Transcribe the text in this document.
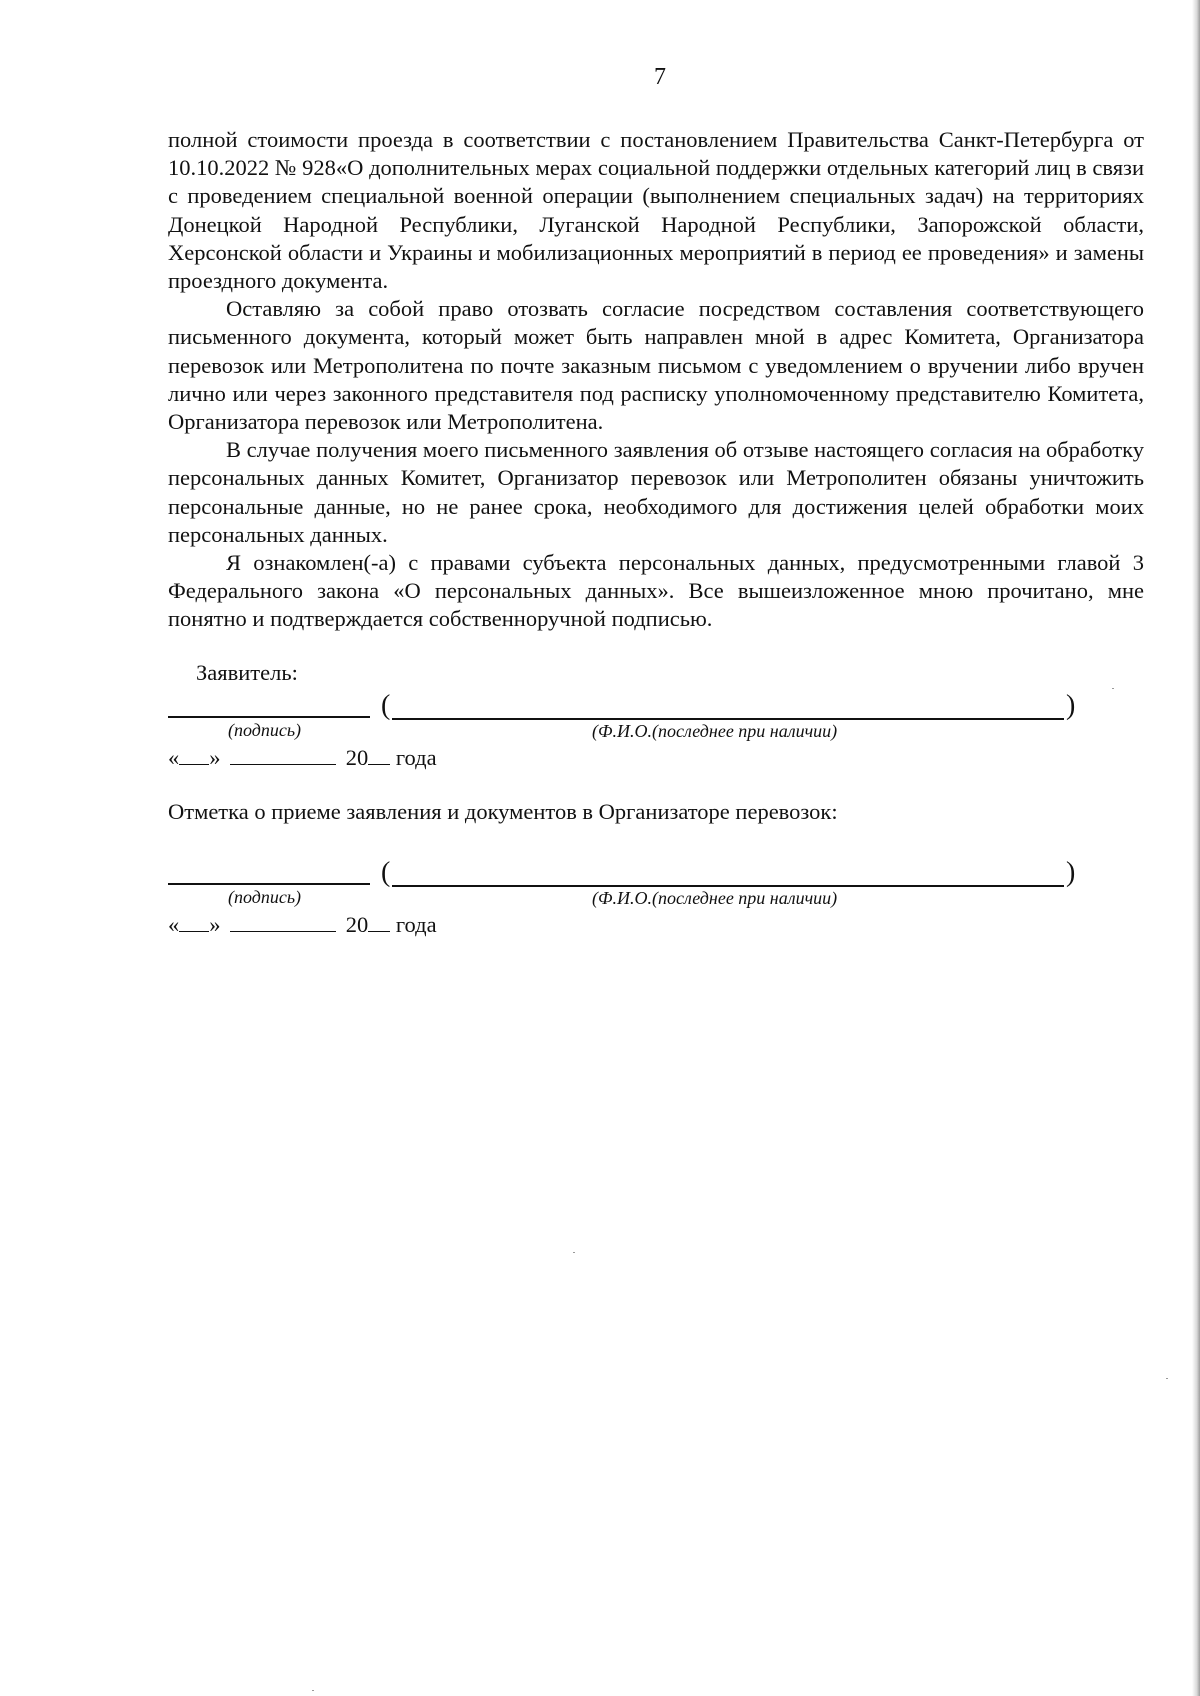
7

полной стоимости проезда в соответствии с постановлением Правительства Санкт-Петербурга от 10.10.2022 № 928«О дополнительных мерах социальной поддержки отдельных категорий лиц в связи с проведением специальной военной операции (выполнением специальных задач) на территориях Донецкой Народной Республики, Луганской Народной Республики, Запорожской области, Херсонской области и Украины и мобилизационных мероприятий в период ее проведения» и замены проездного документа.

Оставляю за собой право отозвать согласие посредством составления соответствующего письменного документа, который может быть направлен мной в адрес Комитета, Организатора перевозок или Метрополитена по почте заказным письмом с уведомлением о вручении либо вручен лично или через законного представителя под расписку уполномоченному представителю Комитета, Организатора перевозок или Метрополитена.

В случае получения моего письменного заявления об отзыве настоящего согласия на обработку персональных данных Комитет, Организатор перевозок или Метрополитен обязаны уничтожить персональные данные, но не ранее срока, необходимого для достижения целей обработки моих персональных данных.

Я ознакомлен(-а) с правами субъекта персональных данных, предусмотренными главой 3 Федерального закона «О персональных данных». Все вышеизложенное мною прочитано, мне понятно и подтверждается собственноручной подписью.

Заявитель:
(	)
(подпись)	(Ф.И.О.(последнее при наличии)
« »	20 года
Отметка о приеме заявления и документов в Организаторе перевозок:
(	)
(подпись)	(Ф.И.О.(последнее при наличии)
« »	20 года
